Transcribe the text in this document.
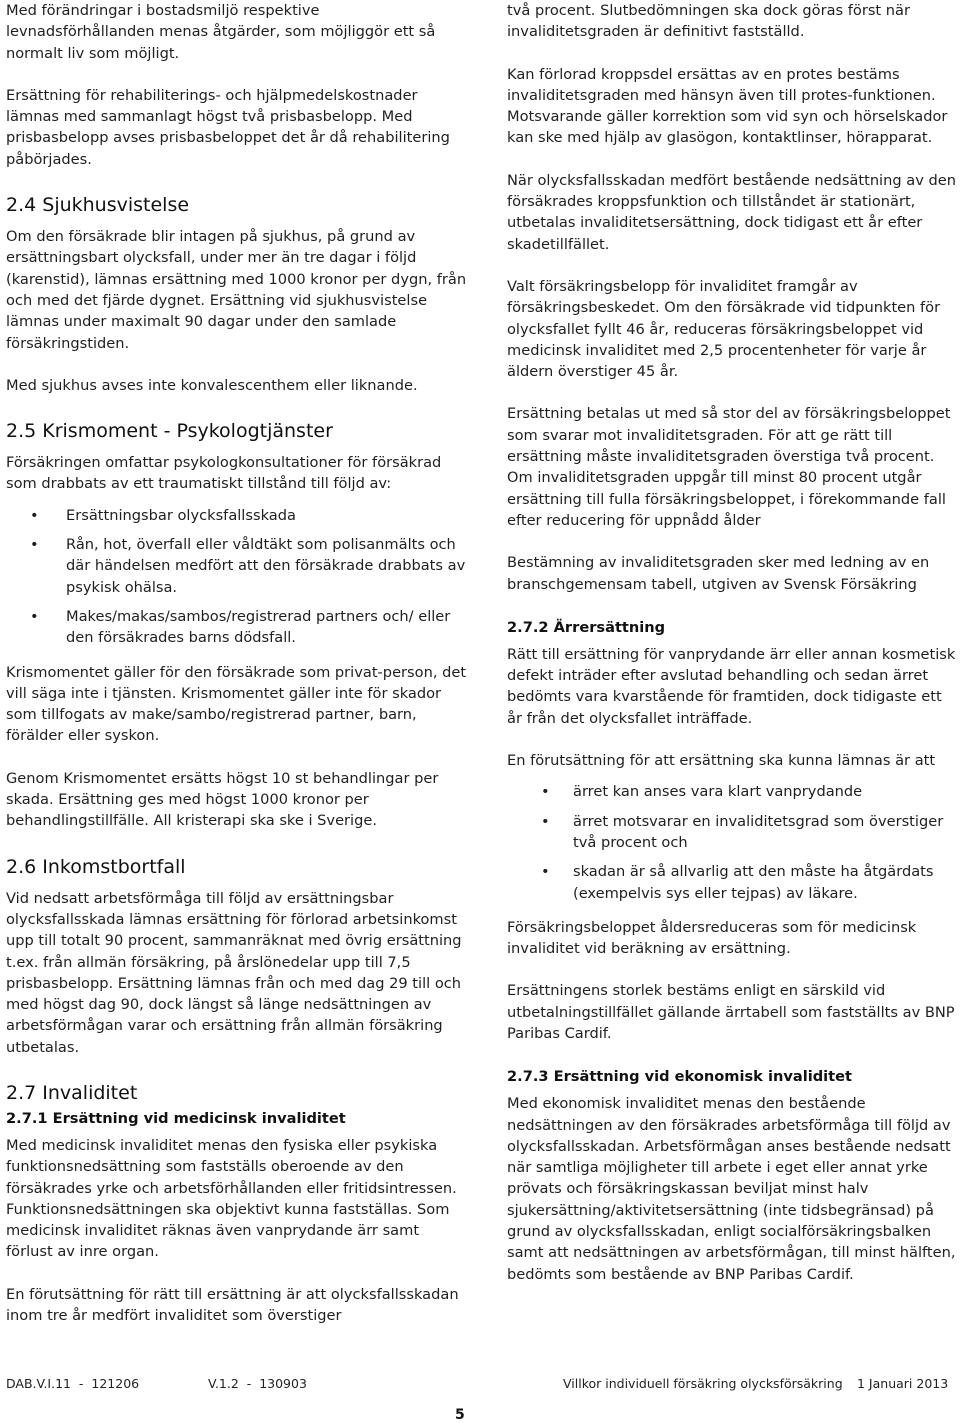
Med förändringar i bostadsmiljö respektive levnadsförhållanden menas åtgärder, som möjliggör ett så normalt liv som möjligt.

Ersättning för rehabiliterings- och hjälpmedelskostnader lämnas med sammanlagt högst två prisbasbelopp. Med prisbasbelopp avses prisbasbeloppet det år då rehabilitering påbörjades.

2.4 Sjukhusvistelse

Om den försäkrade blir intagen på sjukhus, på grund av ersättningsbart olycksfall, under mer än tre dagar i följd (karenstid), lämnas ersättning med 1000 kronor per dygn, från och med det fjärde dygnet. Ersättning vid sjukhusvistelse lämnas under maximalt 90 dagar under den samlade försäkringstiden.

Med sjukhus avses inte konvalescenthem eller liknande.

2.5 Krismoment - Psykologtjänster

Försäkringen omfattar psykologkonsultationer för försäkrad som drabbats av ett traumatiskt tillstånd till följd av:

• Ersättningsbar olycksfallsskada
• Rån, hot, överfall eller våldtäkt som polisanmälts och där händelsen medfört att den försäkrade drabbats av psykisk ohälsa.
• Makes/makas/sambos/registrerad partners och/ eller den försäkrades barns dödsfall.

Krismomentet gäller för den försäkrade som privat-person, det vill säga inte i tjänsten. Krismomentet gäller inte för skador som tillfogats av make/sambo/registrerad partner, barn, förälder eller syskon.

Genom Krismomentet ersätts högst 10 st behandlingar per skada. Ersättning ges med högst 1000 kronor per behandlingstillfälle. All kristerapi ska ske i Sverige.

2.6 Inkomstbortfall

Vid nedsatt arbetsförmåga till följd av ersättningsbar olycksfallsskada lämnas ersättning för förlorad arbetsinkomst upp till totalt 90 procent, sammanräknat med övrig ersättning t.ex. från allmän försäkring, på årslönedelar upp till 7,5 prisbasbelopp. Ersättning lämnas från och med dag 29 till och med högst dag 90, dock längst så länge nedsättningen av arbetsförmågan varar och ersättning från allmän försäkring utbetalas.

2.7 Invaliditet
2.7.1 Ersättning vid medicinsk invaliditet

Med medicinsk invaliditet menas den fysiska eller psykiska funktionsnedsättning som fastställs oberoende av den försäkrades yrke och arbetsförhållanden eller fritidsintressen. Funktionsnedsättningen ska objektivt kunna fastställas. Som medicinsk invaliditet räknas även vanprydande ärr samt förlust av inre organ.

En förutsättning för rätt till ersättning är att olycksfallsskadan inom tre år medfört invaliditet som överstiger

två procent. Slutbedömningen ska dock göras först när invaliditetsgraden är definitivt fastställd.

Kan förlorad kroppsdel ersättas av en protes bestäms invaliditetsgraden med hänsyn även till protes-funktionen. Motsvarande gäller korrektion som vid syn och hörselskador kan ske med hjälp av glasögon, kontaktlinser, hörapparat.

När olycksfallsskadan medfört bestående nedsättning av den försäkrades kroppsfunktion och tillståndet är stationärt, utbetalas invaliditetsersättning, dock tidigast ett år efter skadetillfället.

Valt försäkringsbelopp för invaliditet framgår av försäkringsbeskedet. Om den försäkrade vid tidpunkten för olycksfallet fyllt 46 år, reduceras försäkringsbeloppet vid medicinsk invaliditet med 2,5 procentenheter för varje år äldern överstiger 45 år.

Ersättning betalas ut med så stor del av försäkringsbeloppet som svarar mot invaliditetsgraden. För att ge rätt till ersättning måste invaliditetsgraden överstiga två procent. Om invaliditetsgraden uppgår till minst 80 procent utgår ersättning till fulla försäkringsbeloppet, i förekommande fall efter reducering för uppnådd ålder

Bestämning av invaliditetsgraden sker med ledning av en branschgemensam tabell, utgiven av Svensk Försäkring

2.7.2 Ärrersättning

Rätt till ersättning för vanprydande ärr eller annan kosmetisk defekt inträder efter avslutad behandling och sedan ärret bedömts vara kvarstående för framtiden, dock tidigaste ett år från det olycksfallet inträffade.

En förutsättning för att ersättning ska kunna lämnas är att

• ärret kan anses vara klart vanprydande
• ärret motsvarar en invaliditetsgrad som överstiger två procent och
• skadan är så allvarlig att den måste ha åtgärdats (exempelvis sys eller tejpas) av läkare.

Försäkringsbeloppet åldersreduceras som för medicinsk invaliditet vid beräkning av ersättning.

Ersättningens storlek bestäms enligt en särskild vid utbetalningstillfället gällande ärrtabell som fastställts av BNP Paribas Cardif.

2.7.3 Ersättning vid ekonomisk invaliditet

Med ekonomisk invaliditet menas den bestående nedsättningen av den försäkrades arbetsförmåga till följd av olycksfallsskadan. Arbetsförmågan anses bestående nedsatt när samtliga möjligheter till arbete i eget eller annat yrke prövats och försäkringskassan beviljat minst halv sjukersättning/aktivitetsersättning (inte tidsbegränsad) på grund av olycksfallsskadan, enligt socialförsäkringsbalken samt att nedsättningen av arbetsförmågan, till minst hälften, bedömts som bestående av BNP Paribas Cardif.

DAB.V.I.11  -  121206	V.1.2  -  130903	Villkor individuell försäkring olycksförsäkring 1 Januari 2013
5
